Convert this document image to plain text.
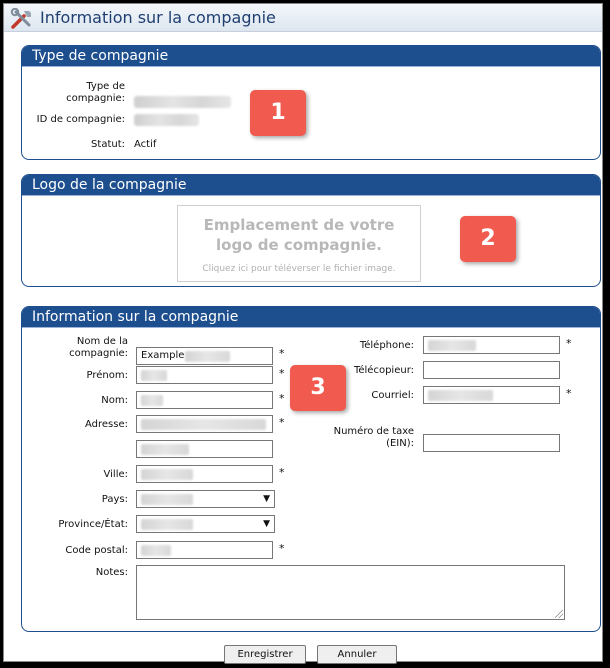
Information sur la compagnie
Type de compagnie
Type de compagnie:
ID de compagnie:
Statut: Actif
Logo de la compagnie
Emplacement de votre
logo de compagnie.
Cliquez ici pour téléverser le fichier image.
Information sur la compagnie
Nom de la compagnie:	Example	*
Prénom:	*
Nom:	*
Adresse:	*
Ville:	*
Pays:	▼
Province/État:	▼
Code postal:	*
Notes:
Téléphone:	*
Télécopieur:
Courriel:	*
Numéro de taxe (EIN):
1
2
3
Enregistrer	Annuler
